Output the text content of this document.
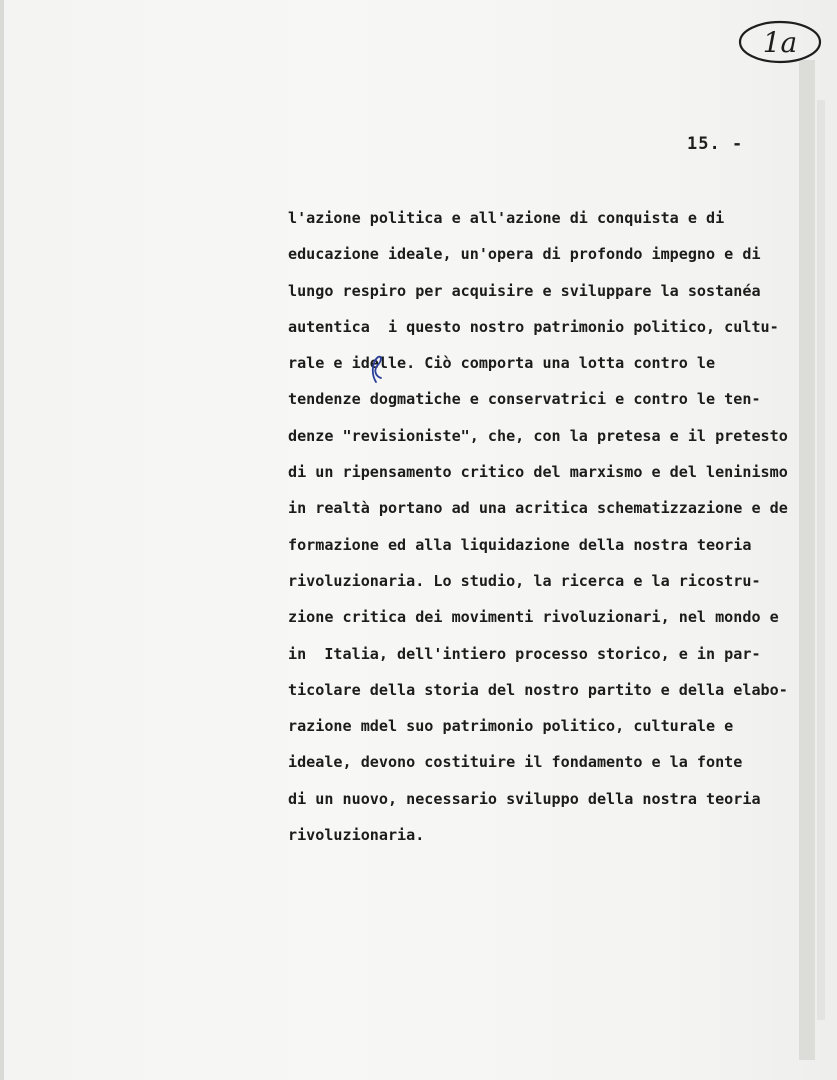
1a
15. -
l'azione politica e all'azione di conquista e di
educazione ideale, un'opera di profondo impegno e di
lungo respiro per acquisire e sviluppare la sostanéa
autentica  i questo nostro patrimonio politico, cultu-
rale e idelle. Ciò comporta una lotta contro le
tendenze dogmatiche e conservatrici e contro le ten-
denze "revisioniste", che, con la pretesa e il pretesto
di un ripensamento critico del marxismo e del leninismo
in realtà portano ad una acritica schematizzazione e de
formazione ed alla liquidazione della nostra teoria
rivoluzionaria. Lo studio, la ricerca e la ricostru-
zione critica dei movimenti rivoluzionari, nel mondo e
in  Italia, dell'intiero processo storico, e in par-
ticolare della storia del nostro partito e della elabo-
razione mdel suo patrimonio politico, culturale e
ideale, devono costituire il fondamento e la fonte
di un nuovo, necessario sviluppo della nostra teoria
rivoluzionaria.
